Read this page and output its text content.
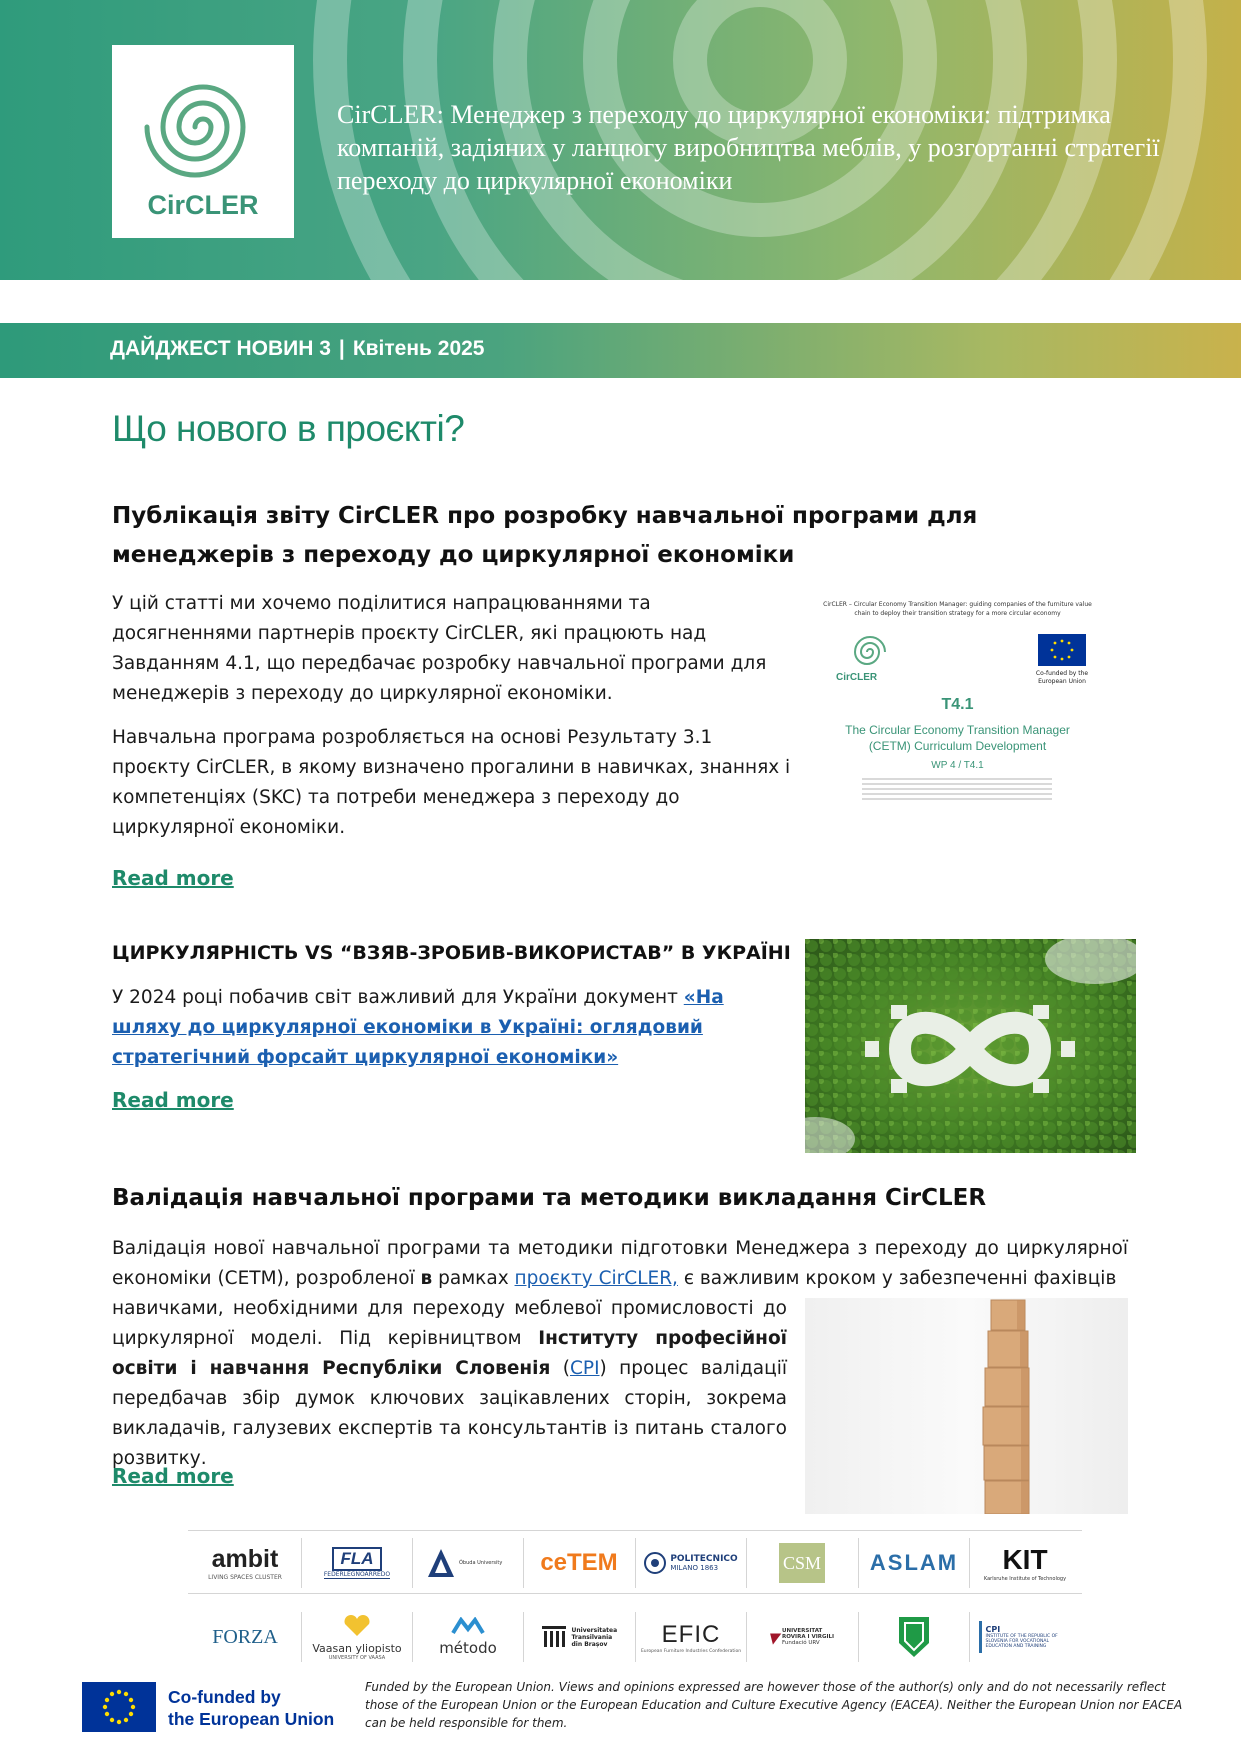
CirCLER
CirCLER: Менеджер з переходу до циркулярної економіки: підтримка компаній, задіяних у ланцюгу виробництва меблів, у розгортанні стратегії переходу до циркулярної економіки
ДАЙДЖЕСТ НОВИН 3 | Квітень 2025
Що нового в проєкті?
Публікація звіту CirCLER про розробку навчальної програми для менеджерів з переходу до циркулярної економіки

У цій статті ми хочемо поділитися напрацюваннями та досягненнями партнерів проєкту CirCLER, які працюють над Завданням 4.1, що передбачає розробку навчальної програми для менеджерів з переходу до циркулярної економіки.

Навчальна програма розробляється на основі Результату 3.1 проєкту CirCLER, в якому визначено прогалини в навичках, знаннях і компетенціях (SKC) та потреби менеджера з переходу до циркулярної економіки.

Read more
CirCLER – Circular Economy Transition Manager: guiding companies of the furniture value chain to deploy their transition strategy for a more circular economy
CirCLER	Co-funded by the European Union
T4.1
The Circular Economy Transition Manager (CETM) Curriculum Development
WP 4 / T4.1
ЦИРКУЛЯРНІСТЬ VS “ВЗЯВ-ЗРОБИВ-ВИКОРИСТАВ” В УКРАЇНІ
У 2024 році побачив світ важливий для України документ «На шляху до циркулярної економіки в Україні: оглядовий стратегічний форсайт циркулярної економіки»
Read more
Валідація навчальної програми та методики викладання CirCLER
Валідація нової навчальної програми та методики підготовки Менеджера з переходу до циркулярної економіки (CETM), розробленої в рамках проєкту CirCLER, є важливим кроком у забезпеченні фахівців
навичками, необхідними для переходу меблевої промисловості до циркулярної моделі. Під керівництвом Інституту професійної освіти і навчання Республіки Словенія (CPI) процес валідації передбачав збір думок ключових зацікавлених сторін, зокрема викладачів, галузевих експертів та консультантів із питань сталого розвитку.
Read more
ambit
LIVING SPACES CLUSTER
FLA
FEDERLEGNOARREDO
Óbuda University ceTEM	POLITECNICO
MILANO 1863	CSM ASLAM	KIT
Karlsruhe Institute of Technology
FORZA
Vaasan yliopisto
UNIVERSITY OF VAASA
método
Universitatea Transilvania din Brașov	EFIC
European Furniture Industries Confederation
▾ UNIVERSITAT ROVIRA I VIRGILI
Fundació URV
CPI
INSTITUTE OF THE REPUBLIC OF SLOVENIA FOR VOCATIONAL EDUCATION AND TRAINING
Co-funded by
the European Union
Funded by the European Union. Views and opinions expressed are however those of the author(s) only and do not necessarily reflect those of the European Union or the European Education and Culture Executive Agency (EACEA). Neither the European Union nor EACEA can be held responsible for them.
